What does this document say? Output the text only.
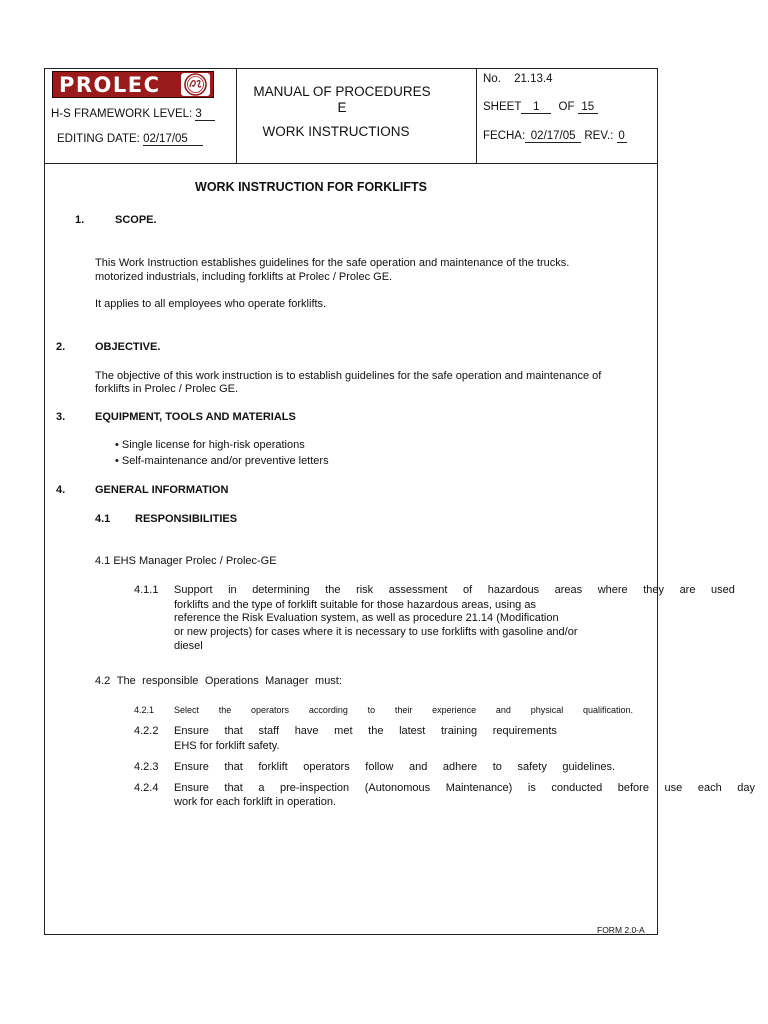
PROLEC
H-S FRAMEWORK LEVEL: 3
EDITING DATE: 02/17/05
MANUAL OF PROCEDURES
E
WORK INSTRUCTIONS
No. 21.13.4
SHEET 1 OF 15
FECHA: 02/17/05 REV.: 0
WORK INSTRUCTION FOR FORKLIFTS
1.	SCOPE.
This Work Instruction establishes guidelines for the safe operation and maintenance of the trucks.
motorized industrials, including forklifts at Prolec / Prolec GE.
It applies to all employees who operate forklifts.
2.	OBJECTIVE.
The objective of this work instruction is to establish guidelines for the safe operation and maintenance of
forklifts in Prolec / Prolec GE.
3.	EQUIPMENT, TOOLS AND MATERIALS
• Single license for high-risk operations
• Self-maintenance and/or preventive letters
4.	GENERAL INFORMATION
4.1 RESPONSIBILITIES
4.1 EHS Manager Prolec / Prolec-GE
4.1.1 Support in determining the risk assessment of hazardous areas where they are used
forklifts and the type of forklift suitable for those hazardous areas, using as
reference the Risk Evaluation system, as well as procedure 21.14 (Modification
or new projects) for cases where it is necessary to use forklifts with gasoline and/or
diesel
4.2 The responsible Operations Manager must:
4.2.1 Select the operators according to their experience and physical qualification.
4.2.2 Ensure that staff have met the latest training requirements
EHS for forklift safety.
4.2.3 Ensure that forklift operators follow and adhere to safety guidelines.
4.2.4 Ensure that a pre-inspection (Autonomous Maintenance) is conducted before use each day
work for each forklift in operation.
FORM 2.0-A
